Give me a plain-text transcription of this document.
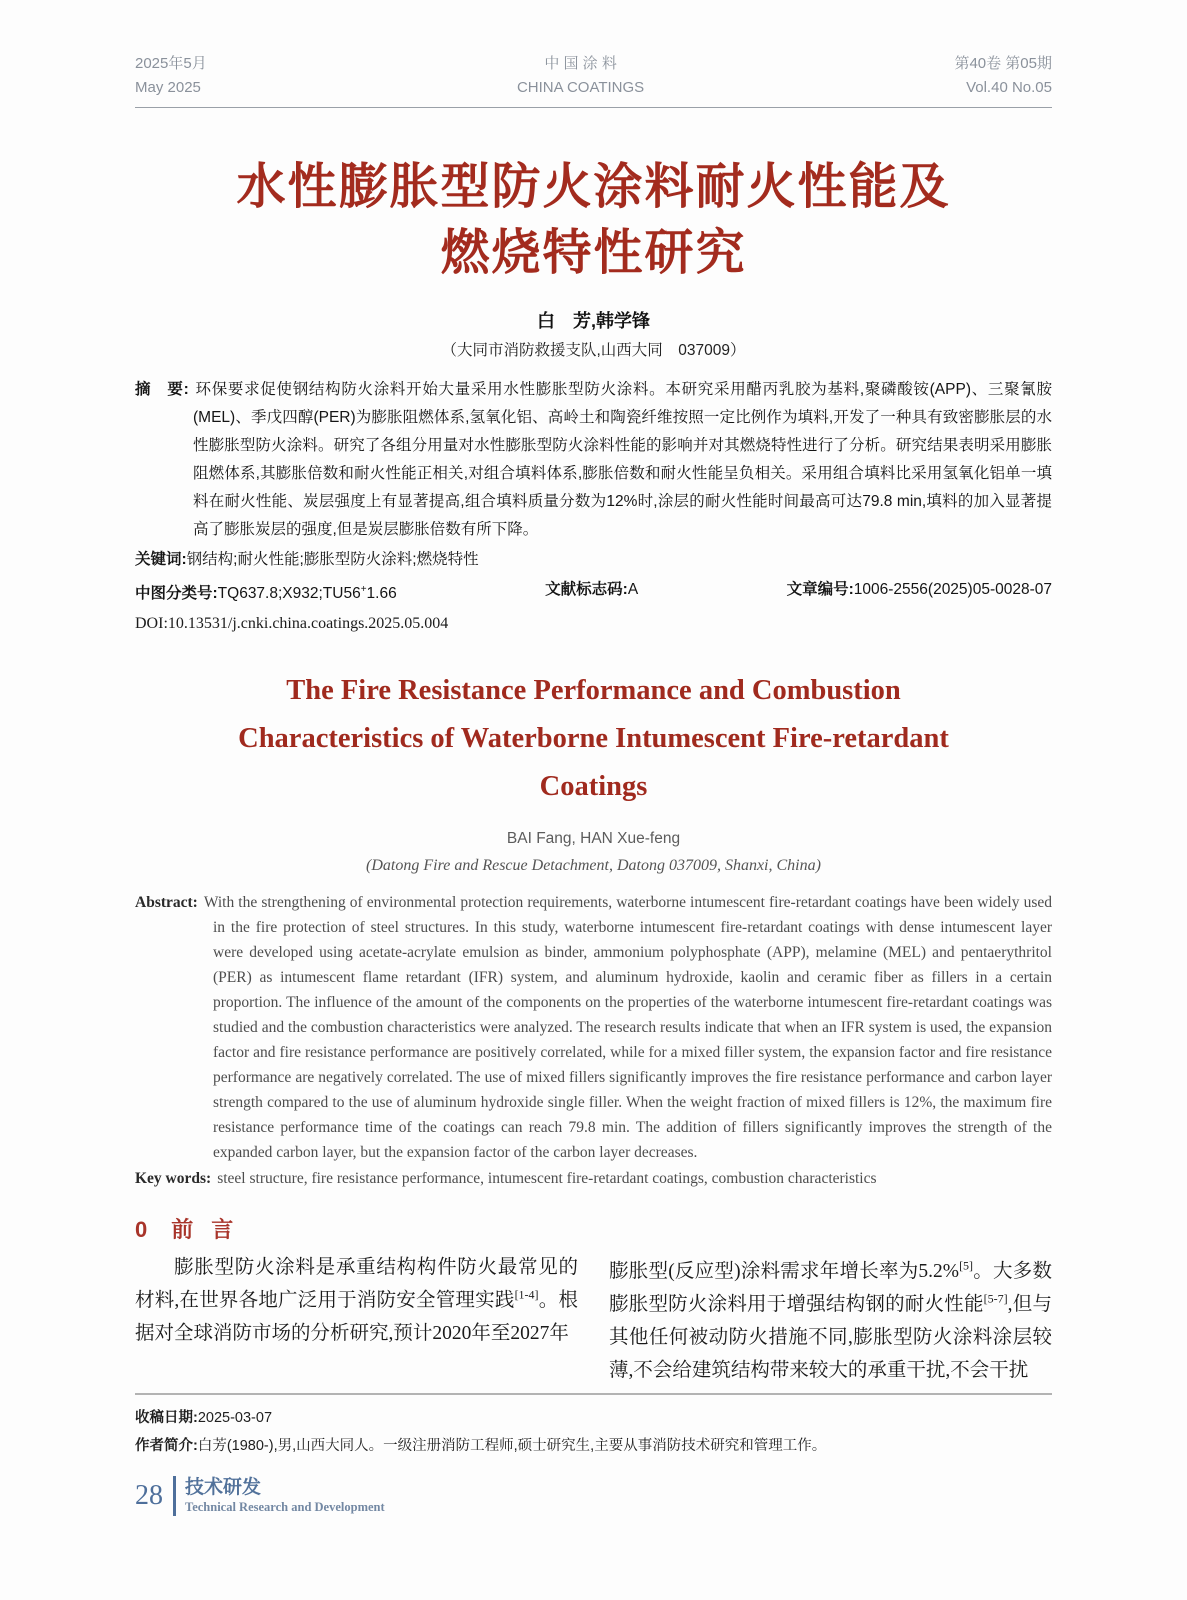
2025年5月
May 2025
中 国 涂 料
CHINA COATINGS
第40卷 第05期
Vol.40 No.05
水性膨胀型防火涂料耐火性能及
燃烧特性研究
白　芳,韩学锋
（大同市消防救援支队,山西大同　037009）

摘　要: 环保要求促使钢结构防火涂料开始大量采用水性膨胀型防火涂料。本研究采用醋丙乳胶为基料,聚磷酸铵(APP)、三聚氰胺(MEL)、季戊四醇(PER)为膨胀阻燃体系,氢氧化铝、高岭土和陶瓷纤维按照一定比例作为填料,开发了一种具有致密膨胀层的水性膨胀型防火涂料。研究了各组分用量对水性膨胀型防火涂料性能的影响并对其燃烧特性进行了分析。研究结果表明采用膨胀阻燃体系,其膨胀倍数和耐火性能正相关,对组合填料体系,膨胀倍数和耐火性能呈负相关。采用组合填料比采用氢氧化铝单一填料在耐火性能、炭层强度上有显著提高,组合填料质量分数为12%时,涂层的耐火性能时间最高可达79.8 min,填料的加入显著提高了膨胀炭层的强度,但是炭层膨胀倍数有所下降。

关键词:钢结构;耐火性能;膨胀型防火涂料;燃烧特性

中图分类号:TQ637.8;X932;TU56+1.66	文献标志码:A	文章编号:1006-2556(2025)05-0028-07
DOI:10.13531/j.cnki.china.coatings.2025.05.004
The Fire Resistance Performance and Combustion
Characteristics of Waterborne Intumescent Fire-retardant
Coatings
BAI Fang, HAN Xue-feng
(Datong Fire and Rescue Detachment, Datong 037009, Shanxi, China)

Abstract: With the strengthening of environmental protection requirements, waterborne intumescent fire-retardant coatings have been widely used in the fire protection of steel structures. In this study, waterborne intumescent fire-retardant coatings with dense intumescent layer were developed using acetate-acrylate emulsion as binder, ammonium polyphosphate (APP), melamine (MEL) and pentaerythritol (PER) as intumescent flame retardant (IFR) system, and aluminum hydroxide, kaolin and ceramic fiber as fillers in a certain proportion. The influence of the amount of the components on the properties of the waterborne intumescent fire-retardant coatings was studied and the combustion characteristics were analyzed. The research results indicate that when an IFR system is used, the expansion factor and fire resistance performance are positively correlated, while for a mixed filler system, the expansion factor and fire resistance performance are negatively correlated. The use of mixed fillers significantly improves the fire resistance performance and carbon layer strength compared to the use of aluminum hydroxide single filler. When the weight fraction of mixed fillers is 12%, the maximum fire resistance performance time of the coatings can reach 79.8 min. The addition of fillers significantly improves the strength of the expanded carbon layer, but the expansion factor of the carbon layer decreases.

Key words: steel structure, fire resistance performance, intumescent fire-retardant coatings, combustion characteristics

0 前言

膨胀型防火涂料是承重结构构件防火最常见的材料,在世界各地广泛用于消防安全管理实践[1-4]。根据对全球消防市场的分析研究,预计2020年至2027年

膨胀型(反应型)涂料需求年增长率为5.2%[5]。大多数膨胀型防火涂料用于增强结构钢的耐火性能[5-7],但与其他任何被动防火措施不同,膨胀型防火涂料涂层较薄,不会给建筑结构带来较大的承重干扰,不会干扰

收稿日期:2025-03-07
作者简介:白芳(1980-),男,山西大同人。一级注册消防工程师,硕士研究生,主要从事消防技术研究和管理工作。
28 技术研发
Technical Research and Development
